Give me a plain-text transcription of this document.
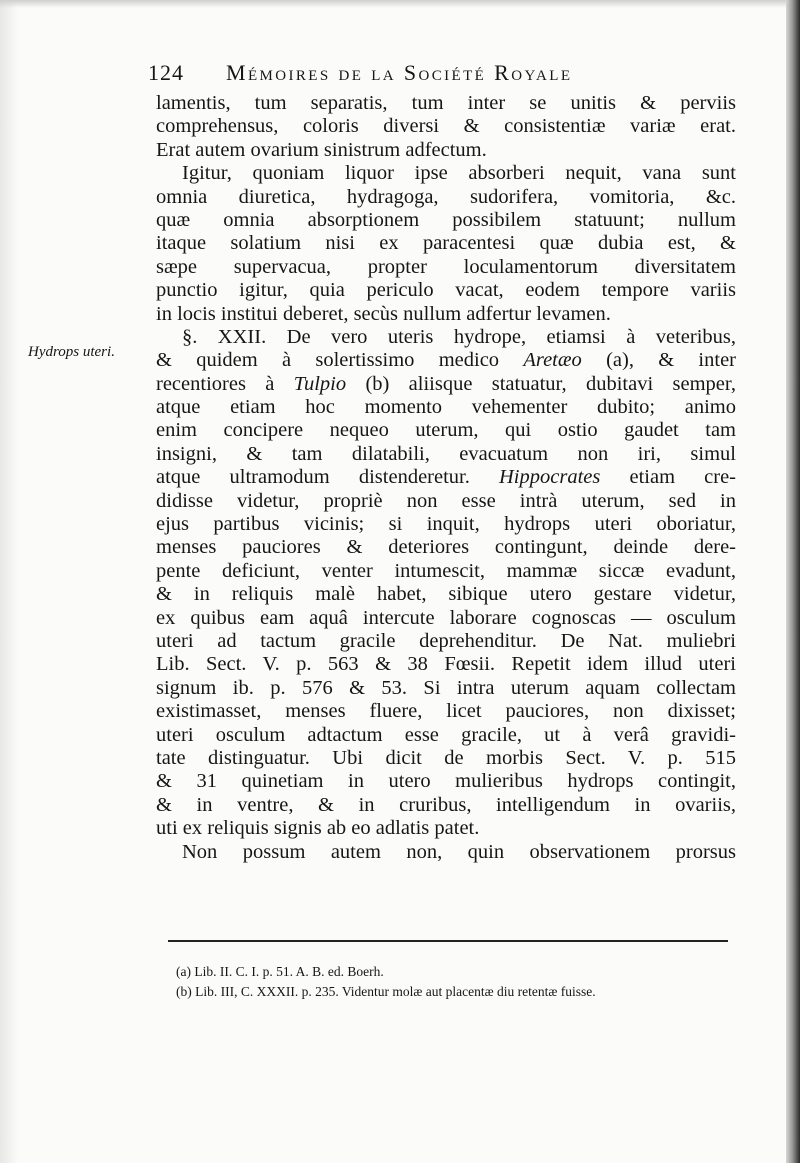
124 Mémoires de la Société Royale
Hydrops uteri.
lamentis, tum separatis, tum inter se unitis & perviis
comprehensus, coloris diversi & consistentiæ variæ erat.
Erat autem ovarium sinistrum adfectum.
Igitur, quoniam liquor ipse absorberi nequit, vana sunt
omnia diuretica, hydragoga, sudorifera, vomitoria, &c.
quæ omnia absorptionem possibilem statuunt; nullum
itaque solatium nisi ex paracentesi quæ dubia est, &
sæpe supervacua, propter loculamentorum diversitatem
punctio igitur, quia periculo vacat, eodem tempore variis
in locis institui deberet, secùs nullum adfertur levamen.
§. XXII. De vero uteris hydrope, etiamsi à veteribus,
& quidem à solertissimo medico Aretæo (a), & inter
recentiores à Tulpio (b) aliisque statuatur, dubitavi semper,
atque etiam hoc momento vehementer dubito; animo
enim concipere nequeo uterum, qui ostio gaudet tam
insigni, & tam dilatabili, evacuatum non iri, simul
atque ultramodum distenderetur. Hippocrates etiam cre-
didisse videtur, propriè non esse intrà uterum, sed in
ejus partibus vicinis; si inquit, hydrops uteri oboriatur,
menses pauciores & deteriores contingunt, deinde dere-
pente deficiunt, venter intumescit, mammæ siccæ evadunt,
& in reliquis malè habet, sibique utero gestare videtur,
ex quibus eam aquâ intercute laborare cognoscas — osculum
uteri ad tactum gracile deprehenditur. De Nat. muliebri
Lib. Sect. V. p. 563 & 38 Fœsii. Repetit idem illud uteri
signum ib. p. 576 & 53. Si intra uterum aquam collectam
existimasset, menses fluere, licet pauciores, non dixisset;
uteri osculum adtactum esse gracile, ut à verâ gravidi-
tate distinguatur. Ubi dicit de morbis Sect. V. p. 515
& 31 quinetiam in utero mulieribus hydrops contingit,
& in ventre, & in cruribus, intelligendum in ovariis,
uti ex reliquis signis ab eo adlatis patet.
Non possum autem non, quin observationem prorsus
(a) Lib. II. C. I. p. 51. A. B. ed. Boerh.
(b) Lib. III, C. XXXII. p. 235. Videntur molæ aut placentæ diu retentæ fuisse.
